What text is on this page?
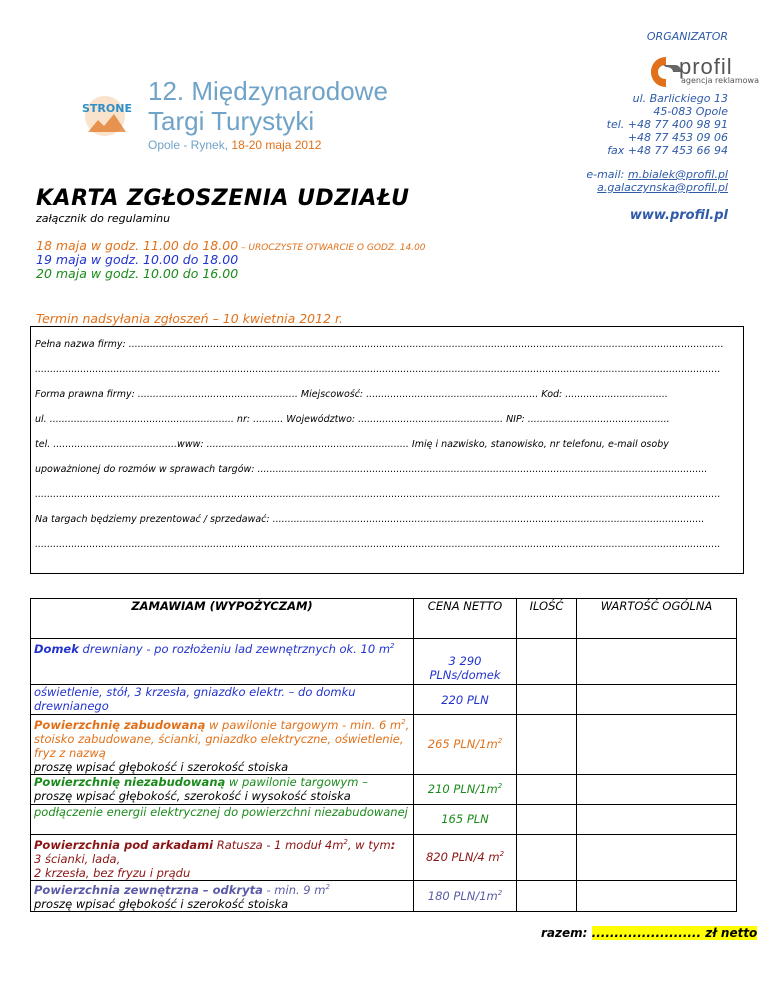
ORGANIZATOR
profil
agencja reklamowa
ul. Barlickiego 13
45-083 Opole
tel. +48 77 400 98 91
+48 77 453 09 06
fax +48 77 453 66 94
e-mail: m.bialek@profil.pl
a.galaczynska@profil.pl
www.profil.pl
STRONE
12. Międzynarodowe
Targi Turystyki
Opole - Rynek, 18-20 maja 2012
KARTA ZGŁOSZENIA UDZIAŁU
załącznik do regulaminu
18 maja w godz. 11.00 do 18.00 – UROCZYSTE OTWARCIE O GODZ. 14.00
19 maja w godz. 10.00 do 18.00
20 maja w godz. 10.00 do 16.00
Termin nadsyłania zgłoszeń – 10 kwietnia 2012 r.
Pełna nazwa firmy: .....................................................................................................................................................................................................
...................................................................................................................................................................................................................................
Forma prawna firmy: ..................................................... Miejscowość: ......................................................... Kod: ..................................
ul. ............................................................. nr: .......... Województwo: ................................................ NIP: ...............................................
tel. .........................................www: ................................................................... Imię i nazwisko, stanowisko, nr telefonu, e-mail osoby
upoważnionej do rozmów w sprawach targów: .....................................................................................................................................................
...................................................................................................................................................................................................................................
Na targach będziemy prezentować / sprzedawać: ...............................................................................................................................................
...................................................................................................................................................................................................................................
ZAMAWIAM (WYPOŻYCZAM)	CENA NETTO	ILOŚĆ	WARTOŚĆ OGÓLNA
Domek drewniany - po rozłożeniu lad zewnętrznych ok. 10 $m^2$	3 290 PLNs/domek		
oświetlenie, stół, 3 krzesła, gniazdko elektr. – do domku drewnianego	220 PLN		
Powierzchnię zabudowaną w pawilonie targowym - min. 6 $m^2$, stoisko zabudowane, ścianki, gniazdko elektryczne, oświetlenie, fryz z nazwą
proszę wpisać głębokość i szerokość stoiska	265 PLN/$1m^2$		
Powierzchnię niezabudowaną w pawilonie targowym –
proszę wpisać głębokość, szerokość i wysokość stoiska	210 PLN/$1m^2$		
podłączenie energii elektrycznej do powierzchni niezabudowanej	165 PLN		
Powierzchnia pod arkadami Ratusza - 1 moduł $4m^2$, w tym:
3 ścianki, lada,
2 krzesła, bez fryzu i prądu	820 PLN/4 $m^2$		
Powierzchnia zewnętrzna – odkryta - min. 9 $m^2$
proszę wpisać głębokość i szerokość stoiska	180 PLN/$1m^2$		
razem: ........................ zł netto
